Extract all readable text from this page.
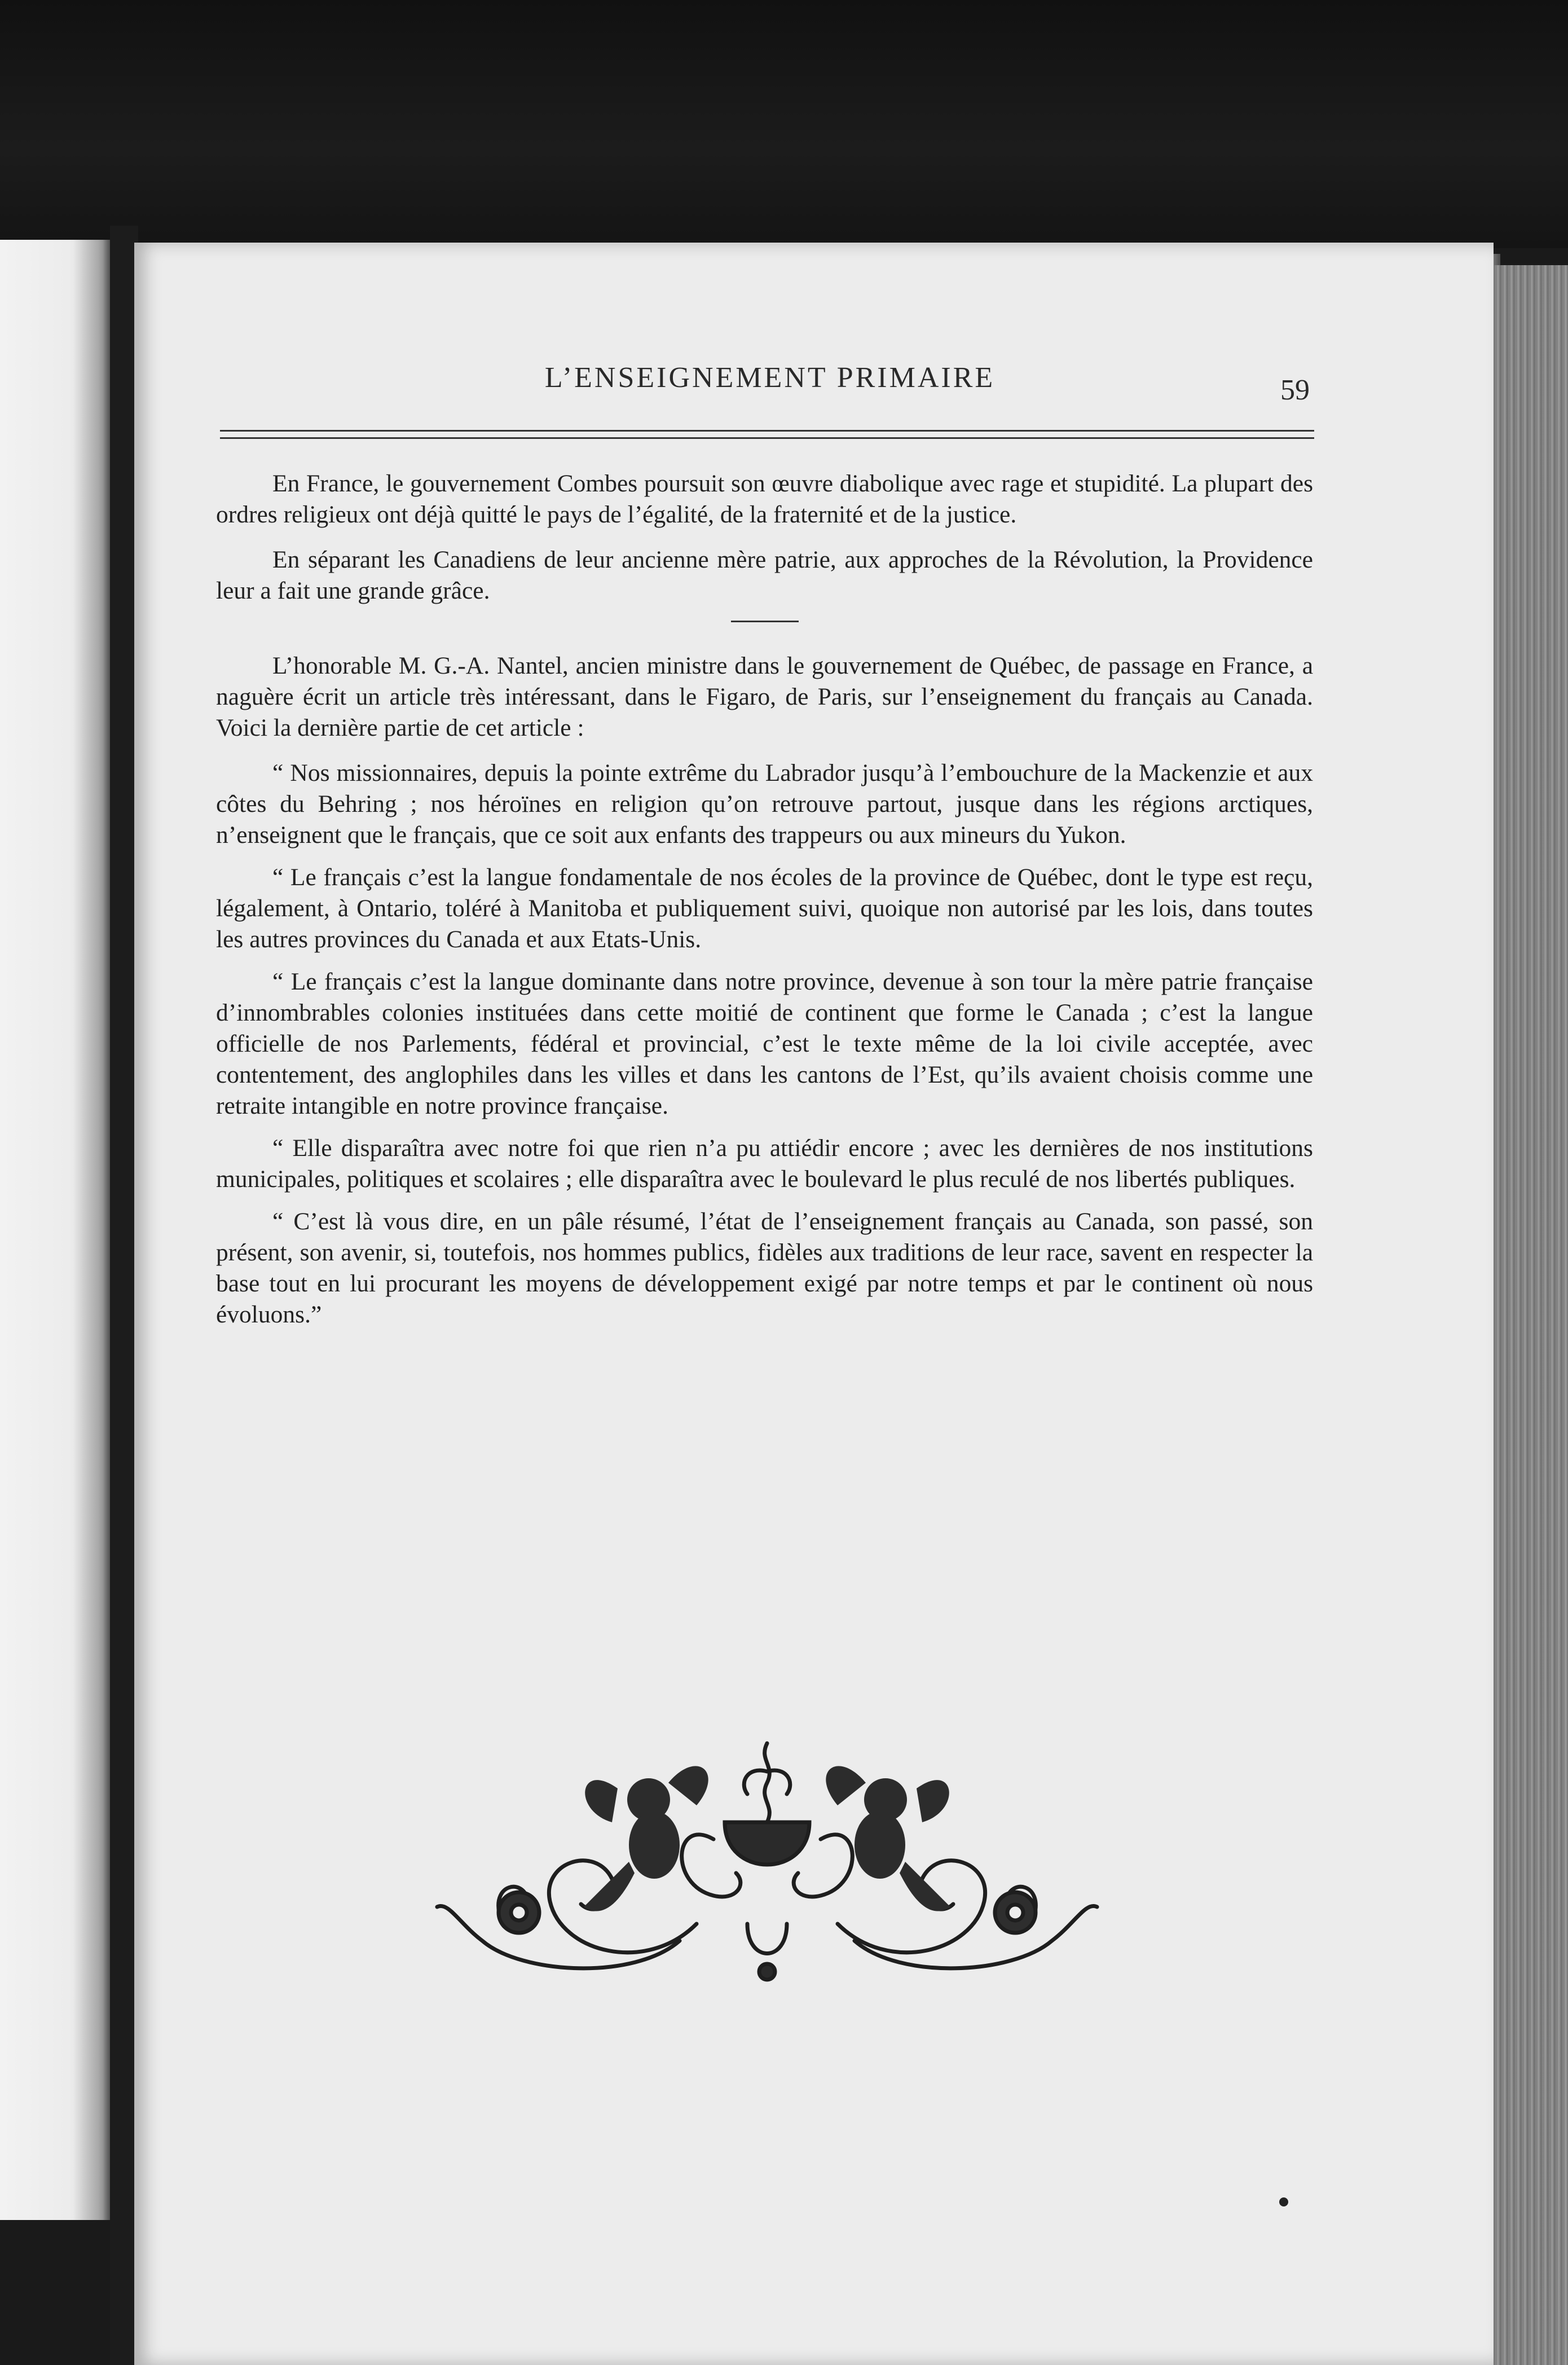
L’ENSEIGNEMENT PRIMAIRE	59

En France, le gouvernement Combes poursuit son œuvre diabolique avec rage et stupidité. La plupart des ordres religieux ont déjà quitté le pays de l’égalité, de la fraternité et de la justice.

En séparant les Canadiens de leur ancienne mère patrie, aux approches de la Révolution, la Providence leur a fait une grande grâce.

L’honorable M. G.-A. Nantel, ancien ministre dans le gouvernement de Québec, de passage en France, a naguère écrit un article très intéressant, dans le Figaro, de Paris, sur l’enseignement du français au Canada. Voici la dernière partie de cet article :

“ Nos missionnaires, depuis la pointe extrême du Labrador jusqu’à l’embouchure de la Mackenzie et aux côtes du Behring ; nos héroïnes en religion qu’on retrouve partout, jusque dans les régions arctiques, n’enseignent que le français, que ce soit aux enfants des trappeurs ou aux mineurs du Yukon.

“ Le français c’est la langue fondamentale de nos écoles de la province de Québec, dont le type est reçu, légalement, à Ontario, toléré à Manitoba et publiquement suivi, quoique non autorisé par les lois, dans toutes les autres provinces du Canada et aux Etats-Unis.

“ Le français c’est la langue dominante dans notre province, devenue à son tour la mère patrie française d’innombrables colonies instituées dans cette moitié de continent que forme le Canada ; c’est la langue officielle de nos Parlements, fédéral et provincial, c’est le texte même de la loi civile acceptée, avec contentement, des anglophiles dans les villes et dans les cantons de l’Est, qu’ils avaient choisis comme une retraite intangible en notre province française.

“ Elle disparaîtra avec notre foi que rien n’a pu attiédir encore ; avec les dernières de nos institutions municipales, politiques et scolaires ; elle disparaîtra avec le boulevard le plus reculé de nos libertés publiques.

“ C’est là vous dire, en un pâle résumé, l’état de l’enseignement français au Canada, son passé, son présent, son avenir, si, toutefois, nos hommes publics, fidèles aux traditions de leur race, savent en respecter la base tout en lui procurant les moyens de développement exigé par notre temps et par le continent où nous évoluons.”
